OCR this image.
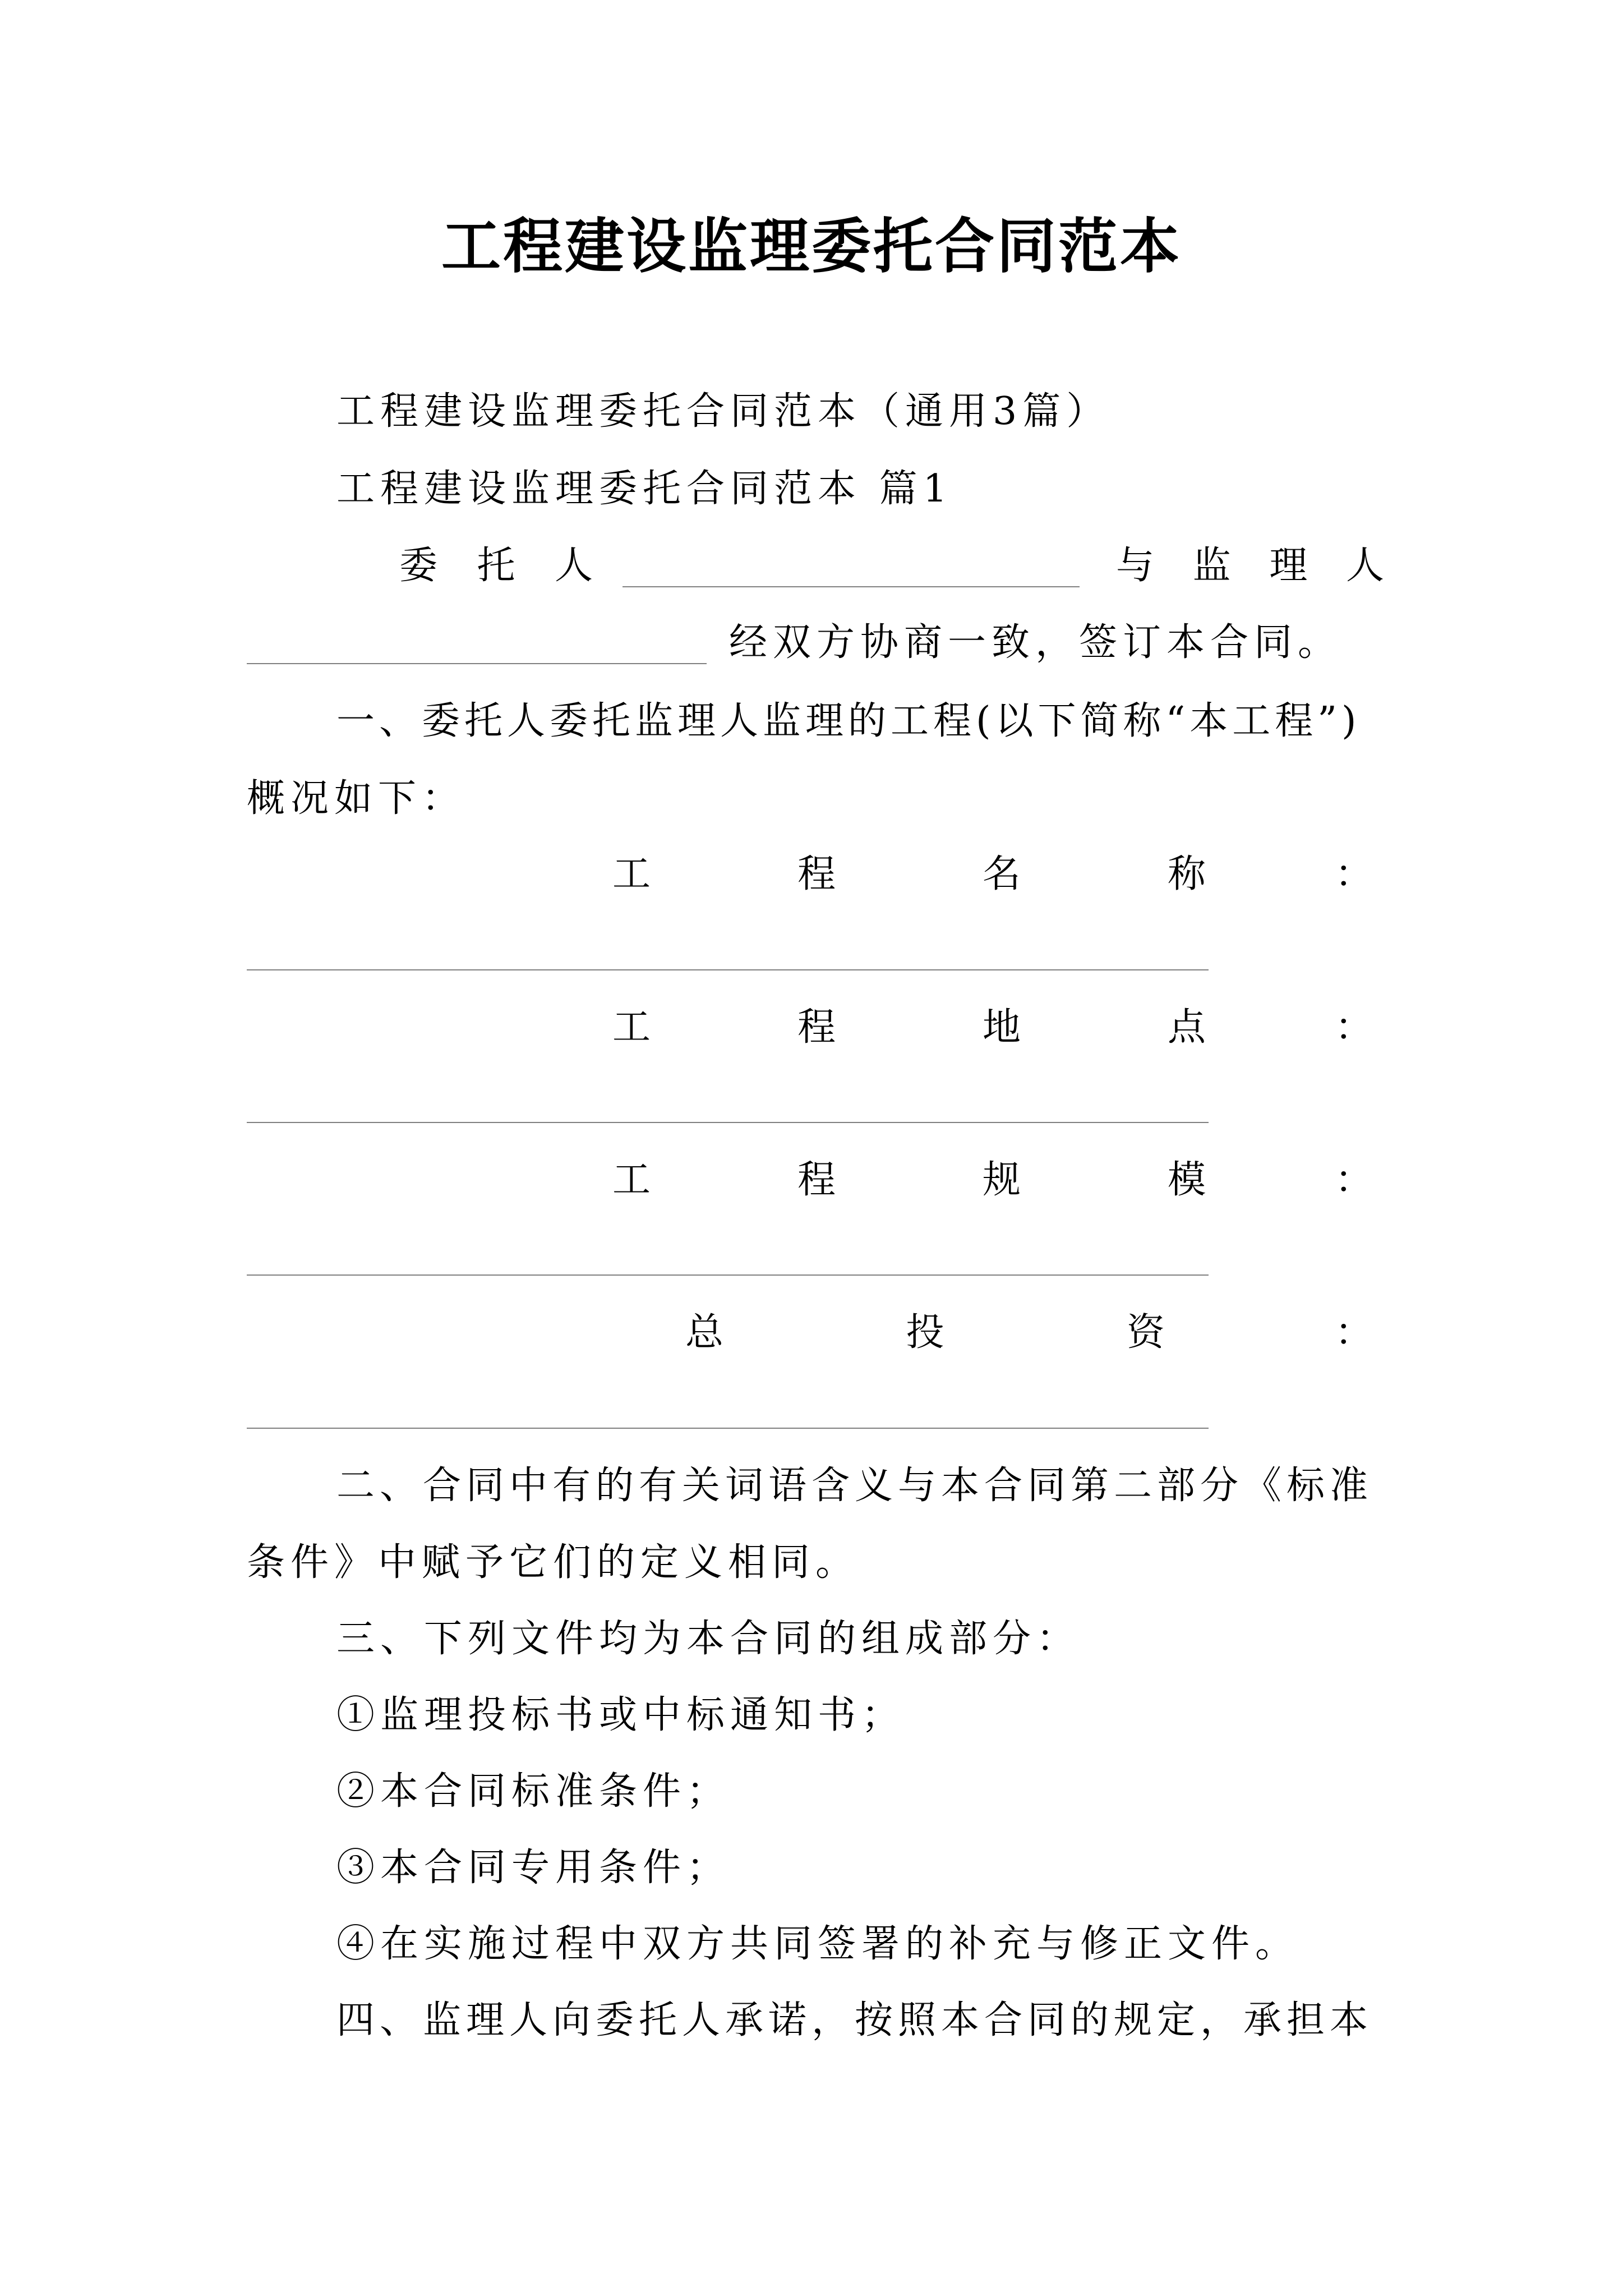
工程建设监理委托合同范本

工程建设监理委托合同范本（通用3篇）

工程建设监理委托合同范本 篇1

委 托 人	与 监 理 人

经双方协商一致，签订本合同。

一、委托人委托监理人监理的工程(以下简称“本工程”)

概况如下：

工	程	名	称	：
工	程	地	点	：
工	程	规	模	：
总	投	资	：

二、合同中有的有关词语含义与本合同第二部分《标准

条件》中赋予它们的定义相同。

三、下列文件均为本合同的组成部分：

①监理投标书或中标通知书；

②本合同标准条件；

③本合同专用条件；

④在实施过程中双方共同签署的补充与修正文件。

四、监理人向委托人承诺，按照本合同的规定，承担本
